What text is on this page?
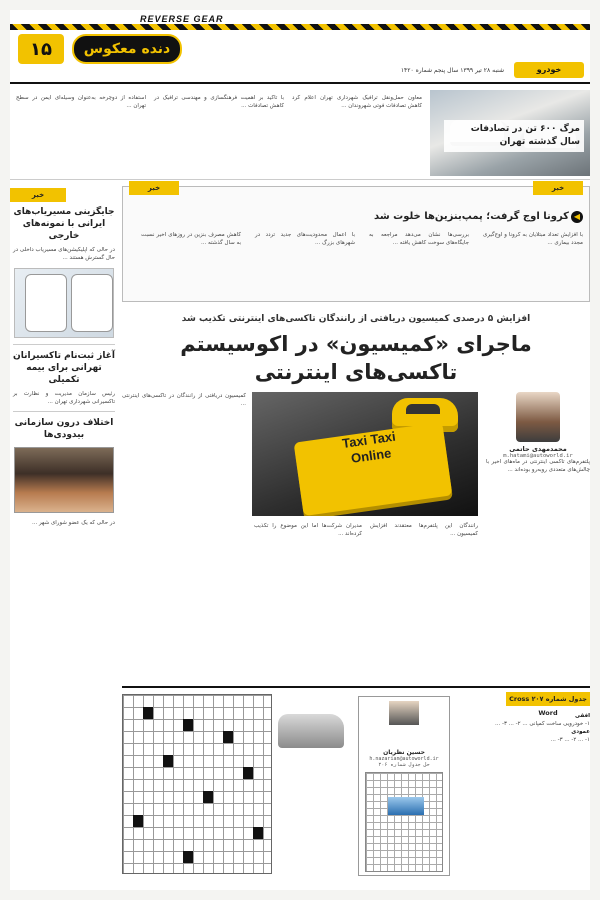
REVERSE GEAR
۱۵	دنده معکوس
خودرو
شنبه ۲۸ تیر ۱۳۹۹ سال پنجم شماره ۱۴۲۰
مرگ ۶۰۰ تن در تصادفات سال گذشته تهران
معاون حمل‌ونقل ترافیک شهرداری تهران اعلام کرد کاهش تصادفات فوتی شهروندان ...
با تاکید بر اهمیت فرهنگسازی و مهندسی ترافیک در کاهش تصادفات ...
استفاده از دوچرخه به‌عنوان وسیله‌ای ایمن در سطح تهران ...
خبر
جایگزینی مسیریاب‌های ایرانی با نمونه‌های خارجی
در حالی که اپلیکیشن‌های مسیریاب داخلی در حال گسترش هستند ...
آغاز ثبت‌نام تاکسیرانان تهرانی برای بیمه تکمیلی
رئیس سازمان مدیریت و نظارت بر تاکسیرانی شهرداری تهران ...
اختلاف درون سازمانی بیدودی‌ها
در حالی که یک عضو شورای شهر ...
خبر
خبر
◀
کرونا اوج گرفت؛ پمپ‌بنزین‌ها خلوت شد
با افزایش تعداد مبتلایان به کرونا و اوج‌گیری مجدد بیماری ...
بررسی‌ها نشان می‌دهد مراجعه به جایگاه‌های سوخت کاهش یافته ...
با اعمال محدودیت‌های جدید تردد در شهرهای بزرگ ...
کاهش مصرف بنزین در روزهای اخیر نسبت به سال گذشته ...
افزایش ۵ درصدی کمیسیون دریافتی از رانندگان تاکسی‌های اینترنتی تکذیب شد
ماجرای «کمیسیون» در اکوسیستم تاکسی‌های اینترنتی
محمدمهدی حاتمی
m.hatami@autoworld.ir
پلتفرم‌های تاکسی اینترنتی در ماه‌های اخیر با چالش‌های متعددی روبه‌رو بوده‌اند ...
Taxi Taxi
Online
رانندگان این پلتفرم‌ها معتقدند افزایش کمیسیون ...
مدیران شرکت‌ها اما این موضوع را تکذیب کرده‌اند ...
کمیسیون دریافتی از رانندگان در تاکسی‌های اینترنتی ...
جدول شماره ۲۰۷ Cross Word	افقی
۱- خودرویی ساخت کمپانی ... ۲- ... ۳- ...
عمودی
۱- ... ۲- ... ۳- ...
حسین نظریان
h.nazarian@autoworld.ir
حل جدول شماره ۲۰۶
